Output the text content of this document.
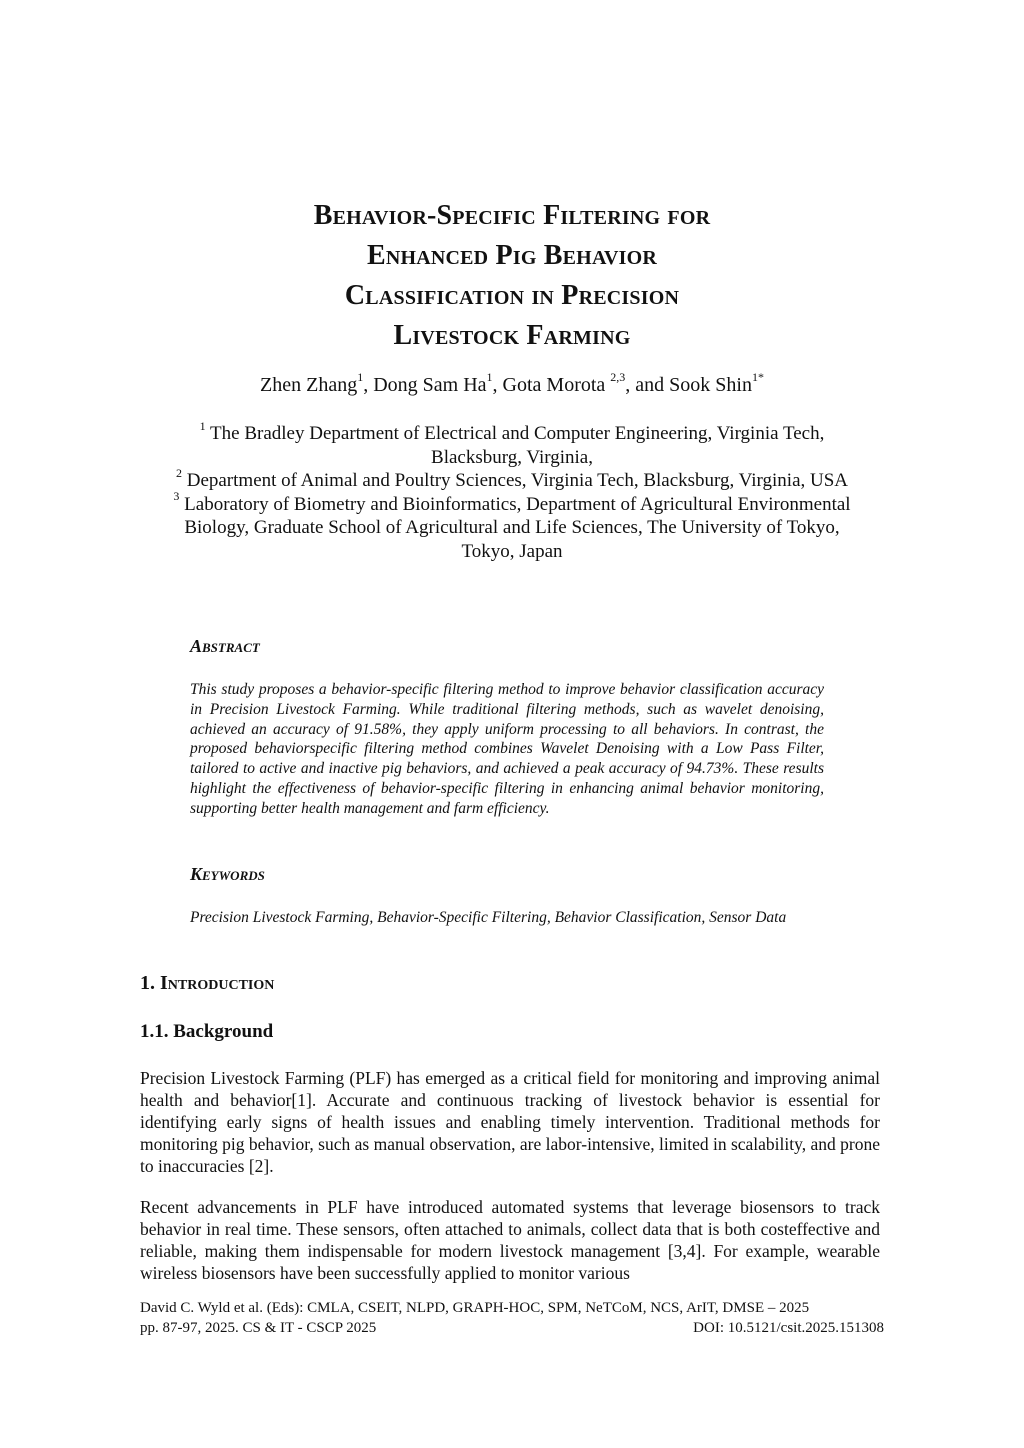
Behavior-Specific Filtering for
Enhanced Pig Behavior
Classification in Precision
Livestock Farming
Zhen Zhang$^1$, Dong Sam Ha$^1$, Gota Morota $^{2,3}$, and Sook Shin$^{1*}$

$^1$ The Bradley Department of Electrical and Computer Engineering, Virginia Tech, Blacksburg, Virginia,

$^2$ Department of Animal and Poultry Sciences, Virginia Tech, Blacksburg, Virginia, USA

$^3$ Laboratory of Biometry and Bioinformatics, Department of Agricultural Environmental

Biology, Graduate School of Agricultural and Life Sciences, The University of Tokyo, Tokyo, Japan

Abstract

This study proposes a behavior-specific filtering method to improve behavior classification accuracy in Precision Livestock Farming. While traditional filtering methods, such as wavelet denoising, achieved an accuracy of 91.58%, they apply uniform processing to all behaviors. In contrast, the proposed behaviorspecific filtering method combines Wavelet Denoising with a Low Pass Filter, tailored to active and inactive pig behaviors, and achieved a peak accuracy of 94.73%. These results highlight the effectiveness of behavior-specific filtering in enhancing animal behavior monitoring, supporting better health management and farm efficiency.

Keywords

Precision Livestock Farming, Behavior-Specific Filtering, Behavior Classification, Sensor Data

1. Introduction
1.1. Background

Precision Livestock Farming (PLF) has emerged as a critical field for monitoring and improving animal health and behavior[1]. Accurate and continuous tracking of livestock behavior is essential for identifying early signs of health issues and enabling timely intervention. Traditional methods for monitoring pig behavior, such as manual observation, are labor-intensive, limited in scalability, and prone to inaccuracies [2].

Recent advancements in PLF have introduced automated systems that leverage biosensors to track behavior in real time. These sensors, often attached to animals, collect data that is both costeffective and reliable, making them indispensable for modern livestock management [3,4]. For example, wearable wireless biosensors have been successfully applied to monitor various

David C. Wyld et al. (Eds): CMLA, CSEIT, NLPD, GRAPH-HOC, SPM, NeTCoM, NCS, ArIT, DMSE – 2025
pp. 87-97, 2025. CS & IT - CSCP 2025	DOI: 10.5121/csit.2025.151308
